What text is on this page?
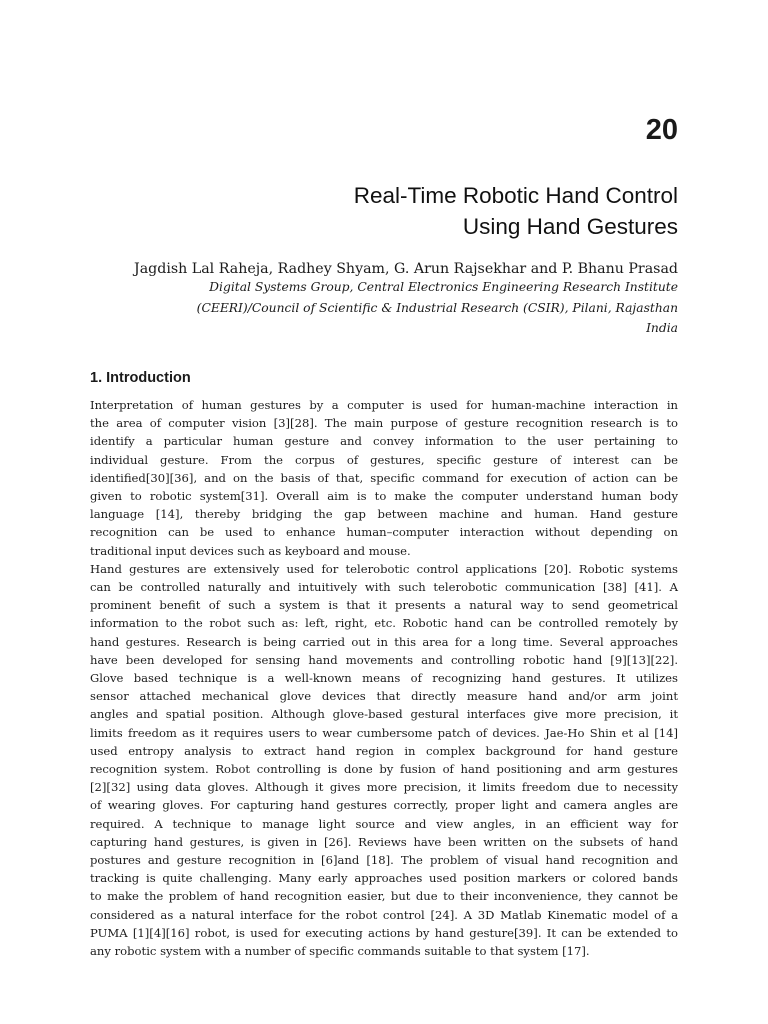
20
Real-Time Robotic Hand Control
Using Hand Gestures
Jagdish Lal Raheja, Radhey Shyam, G. Arun Rajsekhar and P. Bhanu Prasad
Digital Systems Group, Central Electronics Engineering Research Institute
(CEERI)/Council of Scientific & Industrial Research (CSIR), Pilani, Rajasthan
India
1. Introduction
Interpretation of human gestures by a computer is used for human-machine interaction in
the area of computer vision [3][28]. The main purpose of gesture recognition research is to
identify a particular human gesture and convey information to the user pertaining to
individual gesture. From the corpus of gestures, specific gesture of interest can be
identified[30][36], and on the basis of that, specific command for execution of action can be
given to robotic system[31]. Overall aim is to make the computer understand human body
language [14], thereby bridging the gap between machine and human. Hand gesture
recognition can be used to enhance human–computer interaction without depending on
traditional input devices such as keyboard and mouse.
Hand gestures are extensively used for telerobotic control applications [20]. Robotic systems
can be controlled naturally and intuitively with such telerobotic communication [38] [41]. A
prominent benefit of such a system is that it presents a natural way to send geometrical
information to the robot such as: left, right, etc. Robotic hand can be controlled remotely by
hand gestures. Research is being carried out in this area for a long time. Several approaches
have been developed for sensing hand movements and controlling robotic hand [9][13][22].
Glove based technique is a well-known means of recognizing hand gestures. It utilizes
sensor attached mechanical glove devices that directly measure hand and/or arm joint
angles and spatial position. Although glove-based gestural interfaces give more precision, it
limits freedom as it requires users to wear cumbersome patch of devices. Jae-Ho Shin et al [14]
used entropy analysis to extract hand region in complex background for hand gesture
recognition system. Robot controlling is done by fusion of hand positioning and arm gestures
[2][32] using data gloves. Although it gives more precision, it limits freedom due to necessity
of wearing gloves. For capturing hand gestures correctly, proper light and camera angles are
required. A technique to manage light source and view angles, in an efficient way for
capturing hand gestures, is given in [26]. Reviews have been written on the subsets of hand
postures and gesture recognition in [6]and [18]. The problem of visual hand recognition and
tracking is quite challenging. Many early approaches used position markers or colored bands
to make the problem of hand recognition easier, but due to their inconvenience, they cannot be
considered as a natural interface for the robot control [24]. A 3D Matlab Kinematic model of a
PUMA [1][4][16] robot, is used for executing actions by hand gesture[39]. It can be extended to
any robotic system with a number of specific commands suitable to that system [17].
